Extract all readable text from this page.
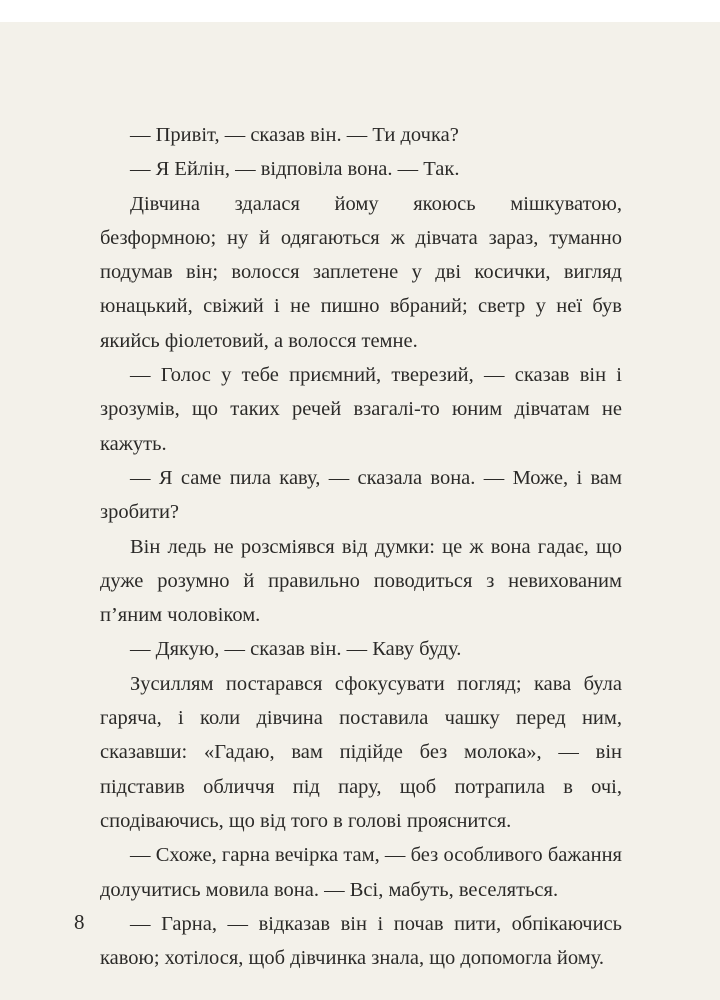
— Привіт, — сказав він. — Ти дочка?

— Я Ейлін, — відповіла вона. — Так.

Дівчина здалася йому якоюсь мішкуватою, безформною; ну й одягаються ж дівчата зараз, туманно подумав він; волосся заплетене у дві косички, вигляд юнацький, свіжий і не пишно вбраний; светр у неї був якийсь фіолетовий, а волосся темне.

— Голос у тебе приємний, тверезий, — сказав він і зрозумів, що таких речей взагалі-то юним дівчатам не кажуть.

— Я саме пила каву, — сказала вона. — Може, і вам зробити?

Він ледь не розсміявся від думки: це ж вона гадає, що дуже розумно й правильно поводиться з невихованим п’яним чоловіком.

— Дякую, — сказав він. — Каву буду.

Зусиллям постарався сфокусувати погляд; кава була гаряча, і коли дівчина поставила чашку перед ним, сказавши: «Гадаю, вам підійде без молока», — він підставив обличчя під пару, щоб потрапила в очі, сподіваючись, що від того в голові прояснится.

— Схоже, гарна вечірка там, — без особливого бажання долучитись мовила вона. — Всі, мабуть, веселяться.

— Гарна, — відказав він і почав пити, обпікаючись кавою; хотілося, щоб дівчинка знала, що допомогла йому.

8
